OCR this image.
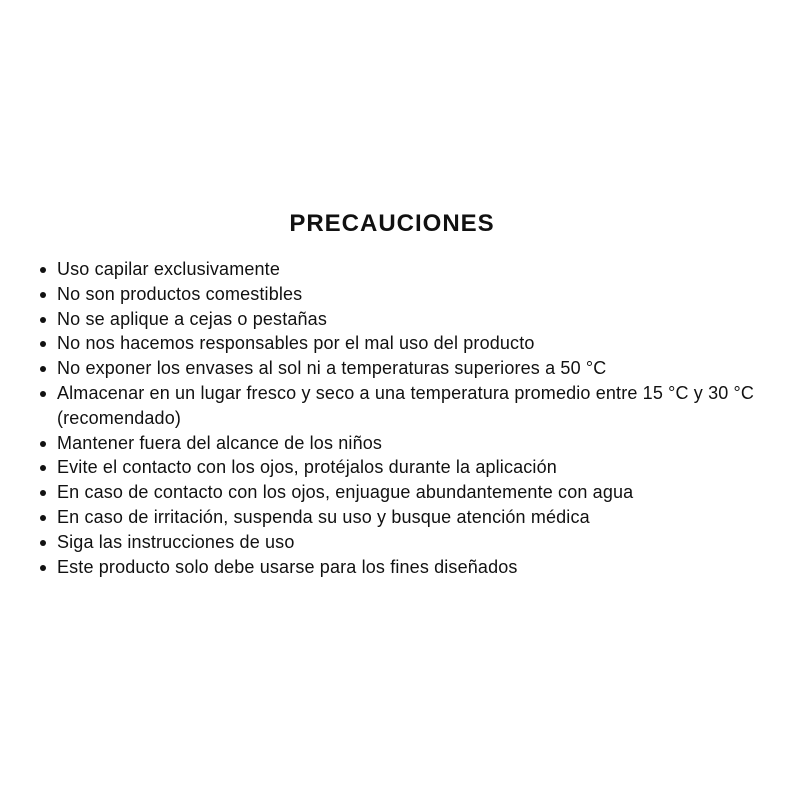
PRECAUCIONES
Uso capilar exclusivamente
No son productos comestibles
No se aplique a cejas o pestañas
No nos hacemos responsables por el mal uso del producto
No exponer los envases al sol ni a temperaturas superiores a 50 °C
Almacenar en un lugar fresco y seco a una temperatura promedio entre 15 °C y 30 °C (recomendado)
Mantener fuera del alcance de los niños
Evite el contacto con los ojos, protéjalos durante la aplicación
En caso de contacto con los ojos, enjuague abundantemente con agua
En caso de irritación, suspenda su uso y busque atención médica
Siga las instrucciones de uso
Este producto solo debe usarse para los fines diseñados
